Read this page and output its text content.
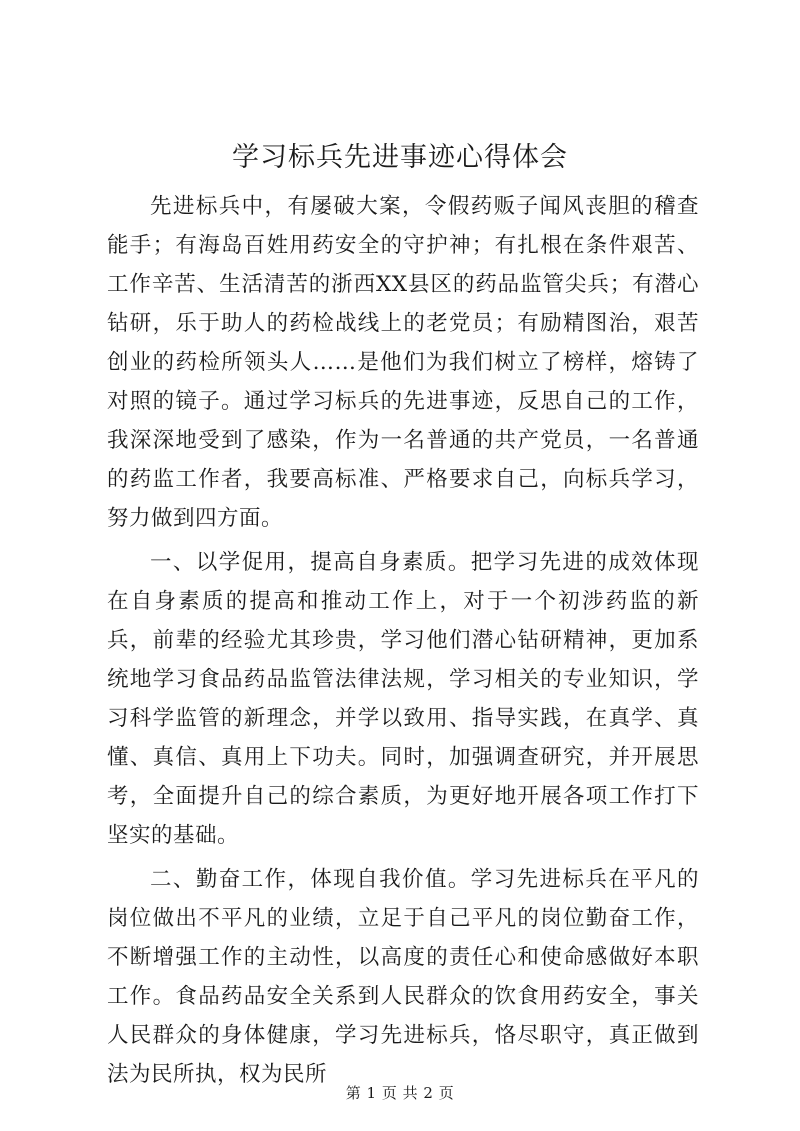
学习标兵先进事迹心得体会

先进标兵中，有屡破大案，令假药贩子闻风丧胆的稽查能手；有海岛百姓用药安全的守护神；有扎根在条件艰苦、工作辛苦、生活清苦的浙西XX县区的药品监管尖兵；有潜心钻研，乐于助人的药检战线上的老党员；有励精图治，艰苦创业的药检所领头人……是他们为我们树立了榜样，熔铸了对照的镜子。通过学习标兵的先进事迹，反思自己的工作，我深深地受到了感染，作为一名普通的共产党员，一名普通的药监工作者，我要高标准、严格要求自己，向标兵学习，努力做到四方面。

一、以学促用，提高自身素质。把学习先进的成效体现在自身素质的提高和推动工作上，对于一个初涉药监的新兵，前辈的经验尤其珍贵，学习他们潜心钻研精神，更加系统地学习食品药品监管法律法规，学习相关的专业知识，学习科学监管的新理念，并学以致用、指导实践，在真学、真懂、真信、真用上下功夫。同时，加强调查研究，并开展思考，全面提升自己的综合素质，为更好地开展各项工作打下坚实的基础。

二、勤奋工作，体现自我价值。学习先进标兵在平凡的岗位做出不平凡的业绩，立足于自己平凡的岗位勤奋工作，不断增强工作的主动性，以高度的责任心和使命感做好本职工作。食品药品安全关系到人民群众的饮食用药安全，事关人民群众的身体健康，学习先进标兵，恪尽职守，真正做到法为民所执，权为民所

第 1 页 共 2 页
